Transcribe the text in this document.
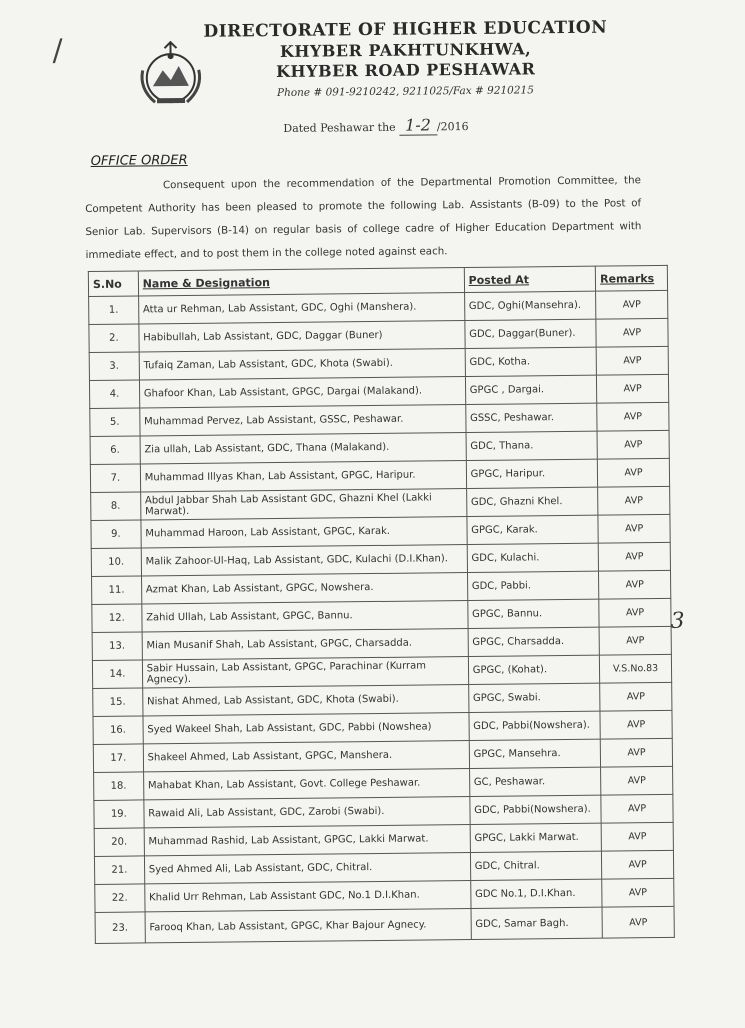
/
DIRECTORATE OF HIGHER EDUCATION
KHYBER PAKHTUNKHWA,
KHYBER ROAD PESHAWAR
Phone # 091-9210242, 9211025/Fax # 9210215
Dated Peshawar the 1-2 /2016
OFFICE ORDER
Consequent upon the recommendation of the Departmental Promotion Committee, the Competent Authority has been pleased to promote the following Lab. Assistants (B-09) to the Post of Senior Lab. Supervisors (B-14) on regular basis of college cadre of Higher Education Department with immediate effect, and to post them in the college noted against each.
3
S.No	Name & Designation	Posted At	Remarks
1.	Atta ur Rehman, Lab Assistant, GDC, Oghi (Manshera).	GDC, Oghi(Mansehra).	AVP
2.	Habibullah, Lab Assistant, GDC, Daggar (Buner)	GDC, Daggar(Buner).	AVP
3.	Tufaiq Zaman, Lab Assistant, GDC, Khota (Swabi).	GDC, Kotha.	AVP
4.	Ghafoor Khan, Lab Assistant, GPGC, Dargai (Malakand).	GPGC , Dargai.	AVP
5.	Muhammad Pervez, Lab Assistant, GSSC, Peshawar.	GSSC, Peshawar.	AVP
6.	Zia ullah, Lab Assistant, GDC, Thana (Malakand).	GDC, Thana.	AVP
7.	Muhammad Illyas Khan, Lab Assistant, GPGC, Haripur.	GPGC, Haripur.	AVP
8.	Abdul Jabbar Shah Lab Assistant GDC, Ghazni Khel (Lakki Marwat).	GDC, Ghazni Khel.	AVP
9.	Muhammad Haroon, Lab Assistant, GPGC, Karak.	GPGC, Karak.	AVP
10.	Malik Zahoor-Ul-Haq, Lab Assistant, GDC, Kulachi (D.I.Khan).	GDC, Kulachi.	AVP
11.	Azmat Khan, Lab Assistant, GPGC, Nowshera.	GDC, Pabbi.	AVP
12.	Zahid Ullah, Lab Assistant, GPGC, Bannu.	GPGC, Bannu.	AVP
13.	Mian Musanif Shah, Lab Assistant, GPGC, Charsadda.	GPGC, Charsadda.	AVP
14.	Sabir Hussain, Lab Assistant, GPGC, Parachinar (Kurram Agnecy).	GPGC, (Kohat).	V.S.No.83
15.	Nishat Ahmed, Lab Assistant, GDC, Khota (Swabi).	GPGC, Swabi.	AVP
16.	Syed Wakeel Shah, Lab Assistant, GDC, Pabbi (Nowshea)	GDC, Pabbi(Nowshera).	AVP
17.	Shakeel Ahmed, Lab Assistant, GPGC, Manshera.	GPGC, Mansehra.	AVP
18.	Mahabat Khan, Lab Assistant, Govt. College Peshawar.	GC, Peshawar.	AVP
19.	Rawaid Ali, Lab Assistant, GDC, Zarobi (Swabi).	GDC, Pabbi(Nowshera).	AVP
20.	Muhammad Rashid, Lab Assistant, GPGC, Lakki Marwat.	GPGC, Lakki Marwat.	AVP
21.	Syed Ahmed Ali, Lab Assistant, GDC, Chitral.	GDC, Chitral.	AVP
22.	Khalid Urr Rehman, Lab Assistant GDC, No.1 D.I.Khan.	GDC No.1, D.I.Khan.	AVP
23.	Farooq Khan, Lab Assistant, GPGC, Khar Bajour Agnecy.	GDC, Samar Bagh.	AVP
